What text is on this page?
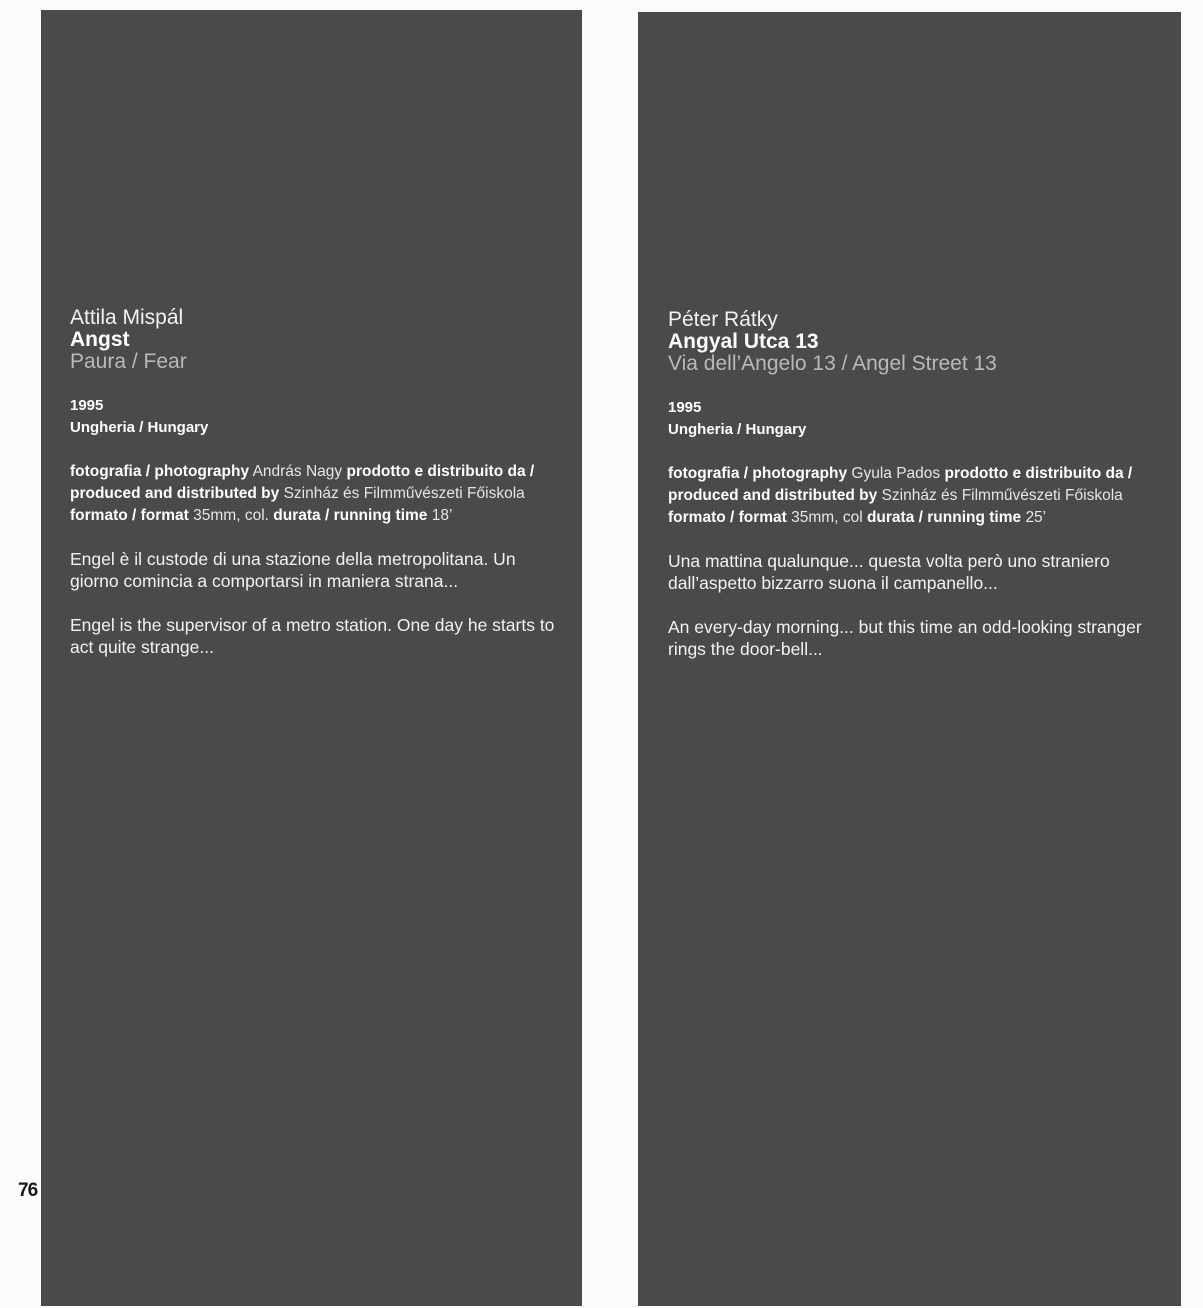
76
Attila Mispál
Angst
Paura / Fear
1995
Ungheria / Hungary
fotografia / photography András Nagy prodotto e distribuito da / produced and distributed by Szinház és Filmművészeti Főiskola formato / format 35mm, col. durata / running time 18’
Engel è il custode di una stazione della metropolitana. Un giorno comincia a comportarsi in maniera strana...
Engel is the supervisor of a metro station. One day he starts to act quite strange...
Péter Rátky
Angyal Utca 13
Via dell’Angelo 13 / Angel Street 13
1995
Ungheria / Hungary
fotografia / photography Gyula Pados prodotto e distribuito da / produced and distributed by Szinház és Filmművészeti Főiskola formato / format 35mm, col durata / running time 25’
Una mattina qualunque... questa volta però uno straniero dall’aspetto bizzarro suona il campanello...
An every-day morning... but this time an odd-looking stranger rings the door-bell...
